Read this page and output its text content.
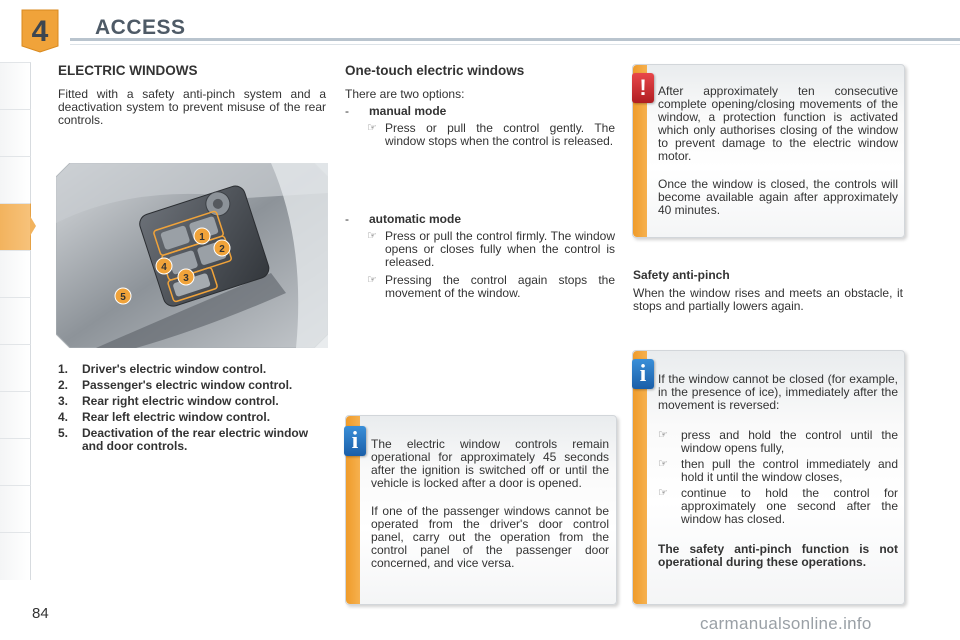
4 ACCESS
ELECTRIC WINDOWS
Fitted with a safety anti-pinch system and a deactivation system to prevent misuse of the rear controls.
1
2
3
4
5
1.	Driver's electric window control.
2.	Passenger's electric window control.
3.	Rear right electric window control.
4.	Rear left electric window control.
5.	Deactivation of the rear electric window and door controls.
One-touch electric windows
There are two options:
-	manual mode
☞ Press or pull the control gently. The window stops when the control is released.
-	automatic mode
☞ Press or pull the control firmly. The window opens or closes fully when the control is released.
☞ Pressing the control again stops the movement of the window.
i	The electric window controls remain operational for approximately 45 seconds after the ignition is switched off or until the vehicle is locked after a door is opened.
If one of the passenger windows cannot be operated from the driver's door control panel, carry out the operation from the control panel of the passenger door concerned, and vice versa.
! After approximately ten consecutive complete opening/closing movements of the window, a protection function is activated which only authorises closing of the window to prevent damage to the electric window motor.
Once the window is closed, the controls will become available again after approximately 40 minutes.
Safety anti-pinch
When the window rises and meets an obstacle, it stops and partially lowers again.
i If the window cannot be closed (for example, in the presence of ice), immediately after the movement is reversed:
☞	press and hold the control until the window opens fully,
☞	then pull the control immediately and hold it until the window closes,
☞	continue to hold the control for approximately one second after the window has closed.
The safety anti-pinch function is not operational during these operations.
84
carmanualsonline.info
